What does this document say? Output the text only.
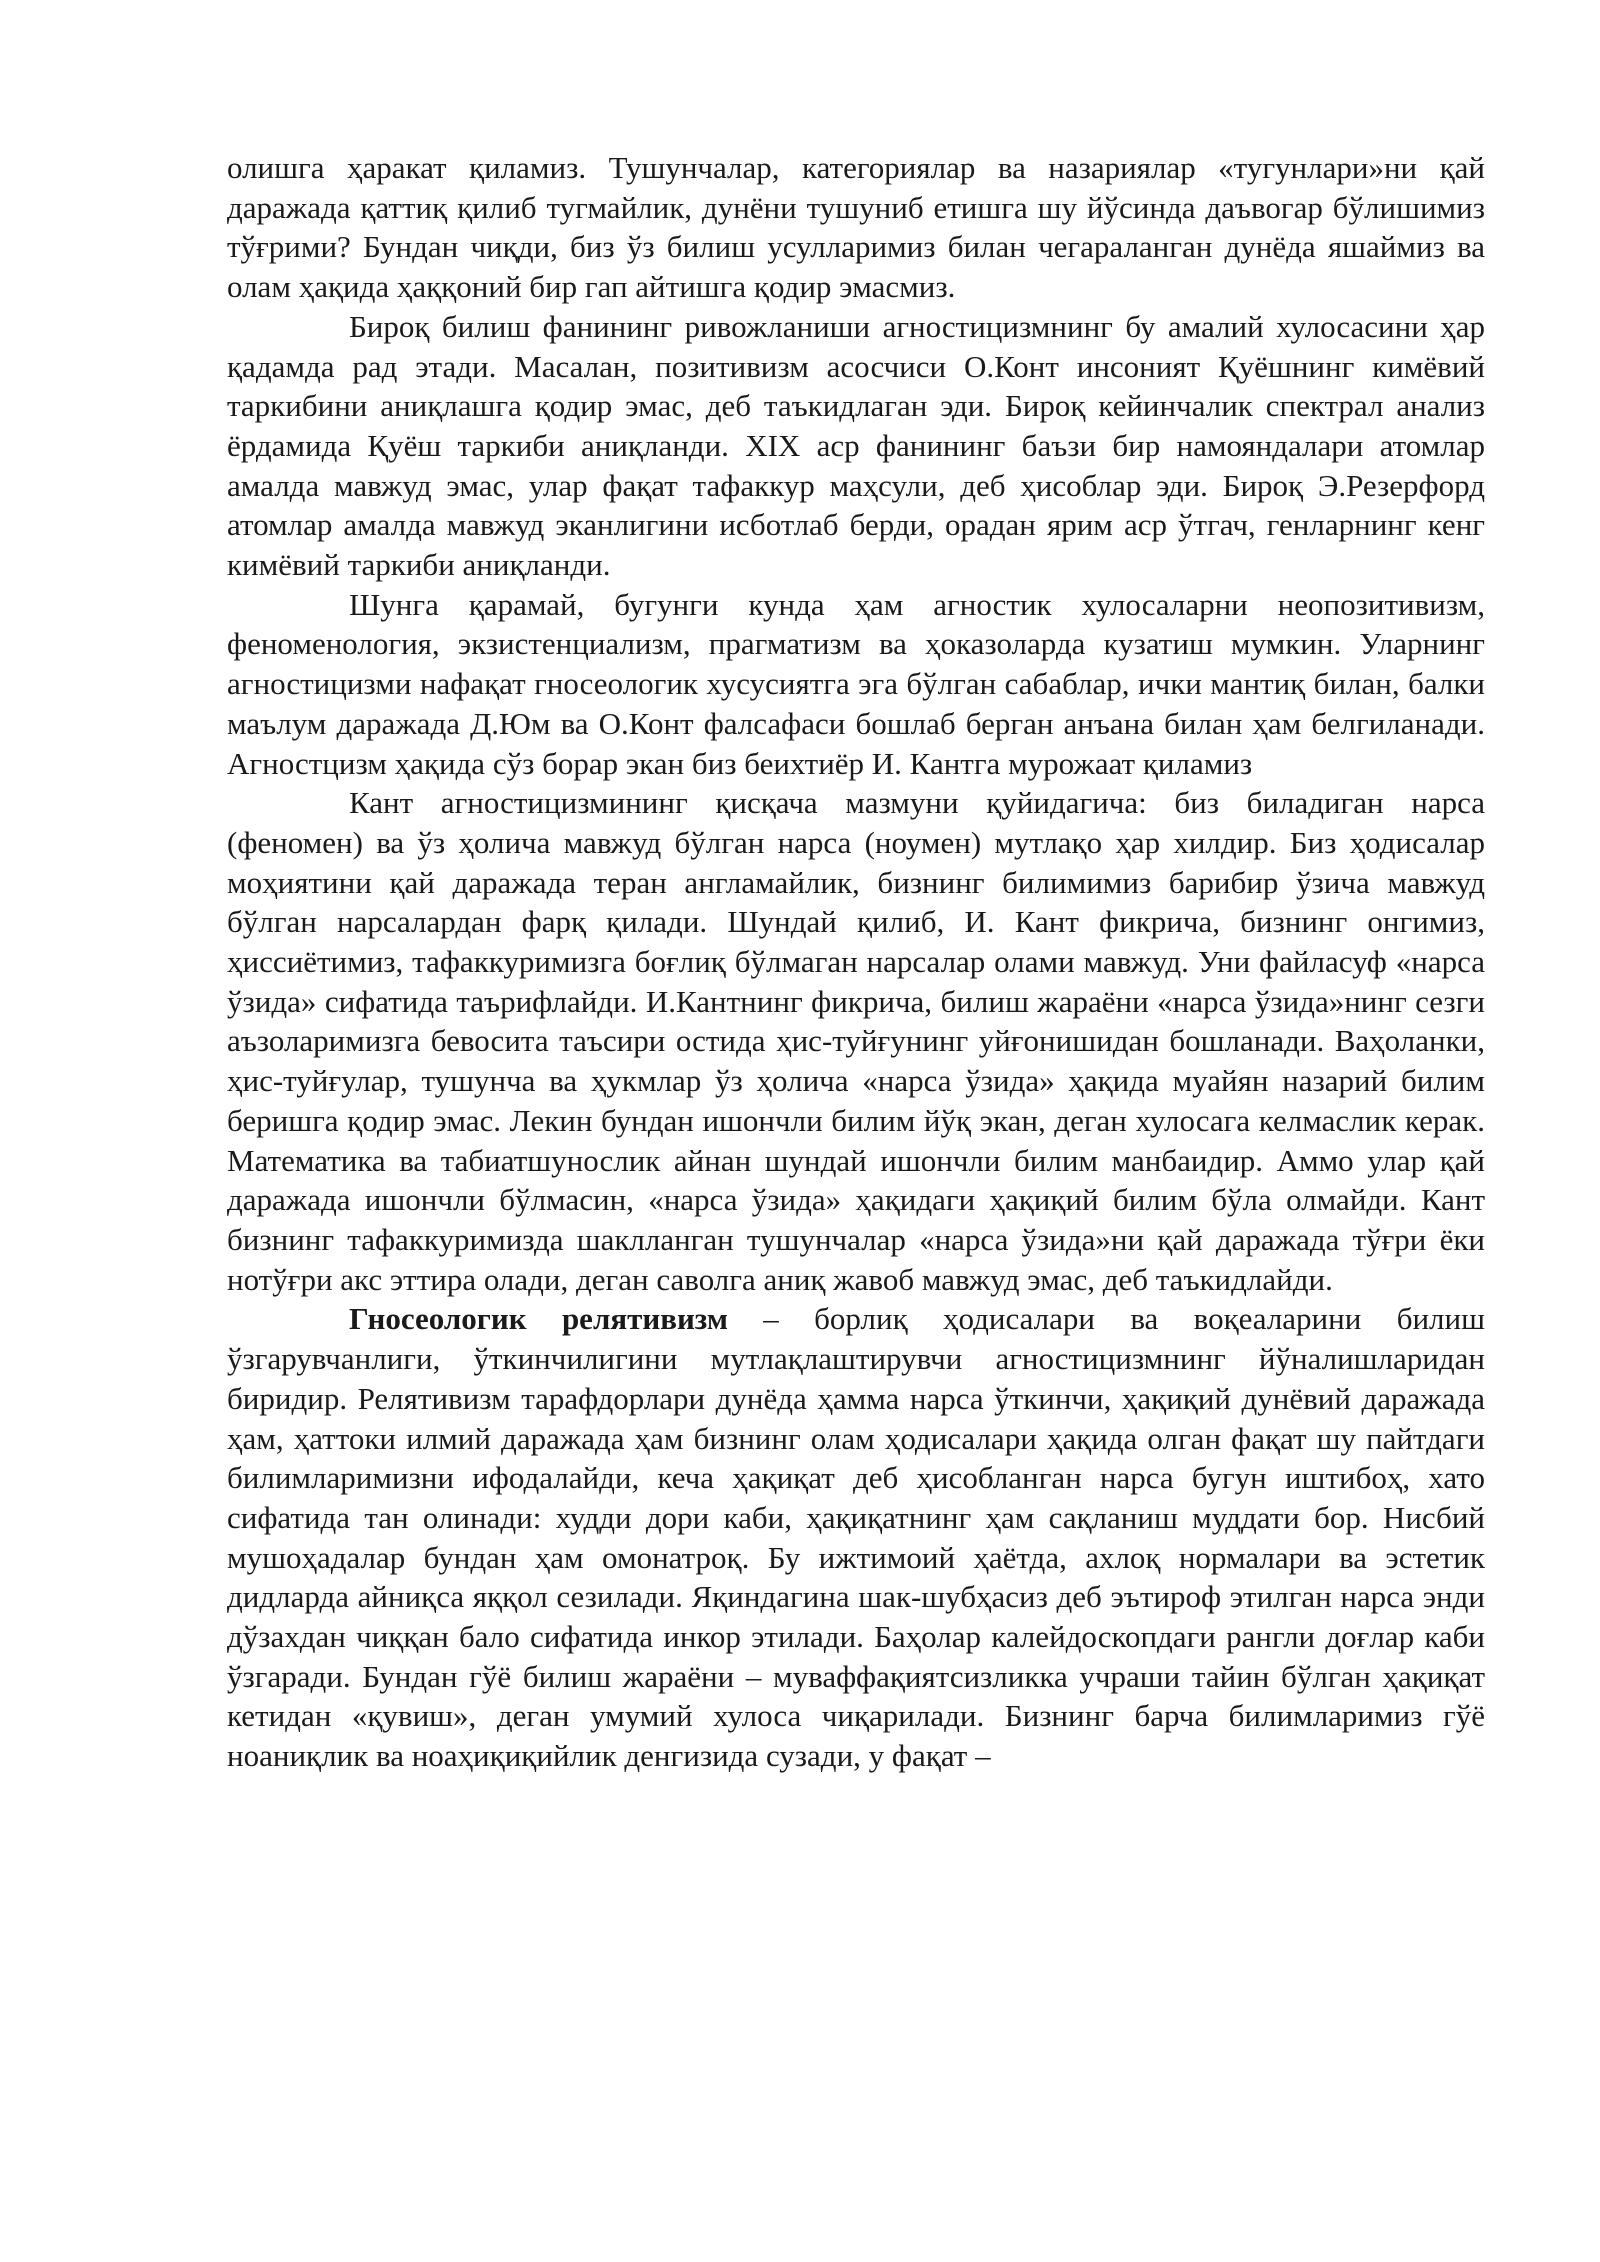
олишга ҳаракат қиламиз. Тушунчалар, категориялар ва назариялар «тугунлари»ни қай даражада қаттиқ қилиб тугмайлик, дунёни тушуниб етишга шу йўсинда даъвогар бўлишимиз тўғрими? Бундан чиқди, биз ўз билиш усулларимиз билан чегараланган дунёда яшаймиз ва олам ҳақида ҳаққоний бир гап айтишга қодир эмасмиз.

Бироқ билиш фанининг ривожланиши агностицизмнинг бу амалий хулосасини ҳар қадамда рад этади. Масалан, позитивизм асосчиси О.Конт инсоният Қуёшнинг кимёвий таркибини аниқлашга қодир эмас, деб таъкидлаган эди. Бироқ кейинчалик спектрал анализ ёрдамида Қуёш таркиби аниқланди. XIX аср фанининг баъзи бир намояндалари атомлар амалда мавжуд эмас, улар фақат тафаккур маҳсули, деб ҳисоблар эди. Бироқ Э.Резерфорд атомлар амалда мавжуд эканлигини исботлаб берди, орадан ярим аср ўтгач, генларнинг кенг кимёвий таркиби аниқланди.

Шунга қарамай, бугунги кунда ҳам агностик хулосаларни неопозитивизм, феноменология, экзистенциализм, прагматизм ва ҳоказоларда кузатиш мумкин. Уларнинг агностицизми нафақат гносеологик хусусиятга эга бўлган сабаблар, ички мантиқ билан, балки маълум даражада Д.Юм ва О.Конт фалсафаси бошлаб берган анъана билан ҳам белгиланади. Агностцизм ҳақида сўз борар экан биз беихтиёр И. Кантга мурожаат қиламиз

Кант агностицизмининг қисқача мазмуни қуйидагича: биз биладиган нарса (феномен) ва ўз ҳолича мавжуд бўлган нарса (ноумен) мутлақо ҳар хилдир. Биз ҳодисалар моҳиятини қай даражада теран англамайлик, бизнинг билимимиз барибир ўзича мавжуд бўлган нарсалардан фарқ қилади. Шундай қилиб, И. Кант фикрича, бизнинг онгимиз, ҳиссиётимиз, тафаккуримизга боғлиқ бўлмаган нарсалар олами мавжуд. Уни файласуф «нарса ўзида» сифатида таърифлайди. И.Кантнинг фикрича, билиш жараёни «нарса ўзида»нинг сезги аъзоларимизга бевосита таъсири остида ҳис-туйғунинг уйғонишидан бошланади. Ваҳоланки, ҳис-туйғулар, тушунча ва ҳукмлар ўз ҳолича «нарса ўзида» ҳақида муайян назарий билим беришга қодир эмас. Лекин бундан ишончли билим йўқ экан, деган хулосага келмаслик керак. Математика ва табиатшунослик айнан шундай ишончли билим манбаидир. Аммо улар қай даражада ишончли бўлмасин, «нарса ўзида» ҳақидаги ҳақиқий билим бўла олмайди. Кант бизнинг тафаккуримизда шаклланган тушунчалар «нарса ўзида»ни қай даражада тўғри ёки нотўғри акс эттира олади, деган саволга аниқ жавоб мавжуд эмас, деб таъкидлайди.

Гносеологик релятивизм – борлиқ ҳодисалари ва воқеаларини билиш ўзгарувчанлиги, ўткинчилигини мутлақлаштирувчи агностицизмнинг йўналишларидан биридир. Релятивизм тарафдорлари дунёда ҳамма нарса ўткинчи, ҳақиқий дунёвий даражада ҳам, ҳаттоки илмий даражада ҳам бизнинг олам ҳодисалари ҳақида олган фақат шу пайтдаги билимларимизни ифодалайди, кеча ҳақиқат деб ҳисобланган нарса бугун иштибоҳ, хато сифатида тан олинади: худди дори каби, ҳақиқатнинг ҳам сақланиш муддати бор. Нисбий мушоҳадалар бундан ҳам омонатроқ. Бу ижтимоий ҳаётда, ахлоқ нормалари ва эстетик дидларда айниқса яққол сезилади. Яқиндагина шак-шубҳасиз деб эътироф этилган нарса энди дўзахдан чиққан бало сифатида инкор этилади. Баҳолар калейдоскопдаги рангли доғлар каби ўзгаради. Бундан гўё билиш жараёни – муваффақиятсизликка учраши тайин бўлган ҳақиқат кетидан «қувиш», деган умумий хулоса чиқарилади. Бизнинг барча билимларимиз гўё ноаниқлик ва ноаҳиқиқийлик денгизида сузади, у фақат –
